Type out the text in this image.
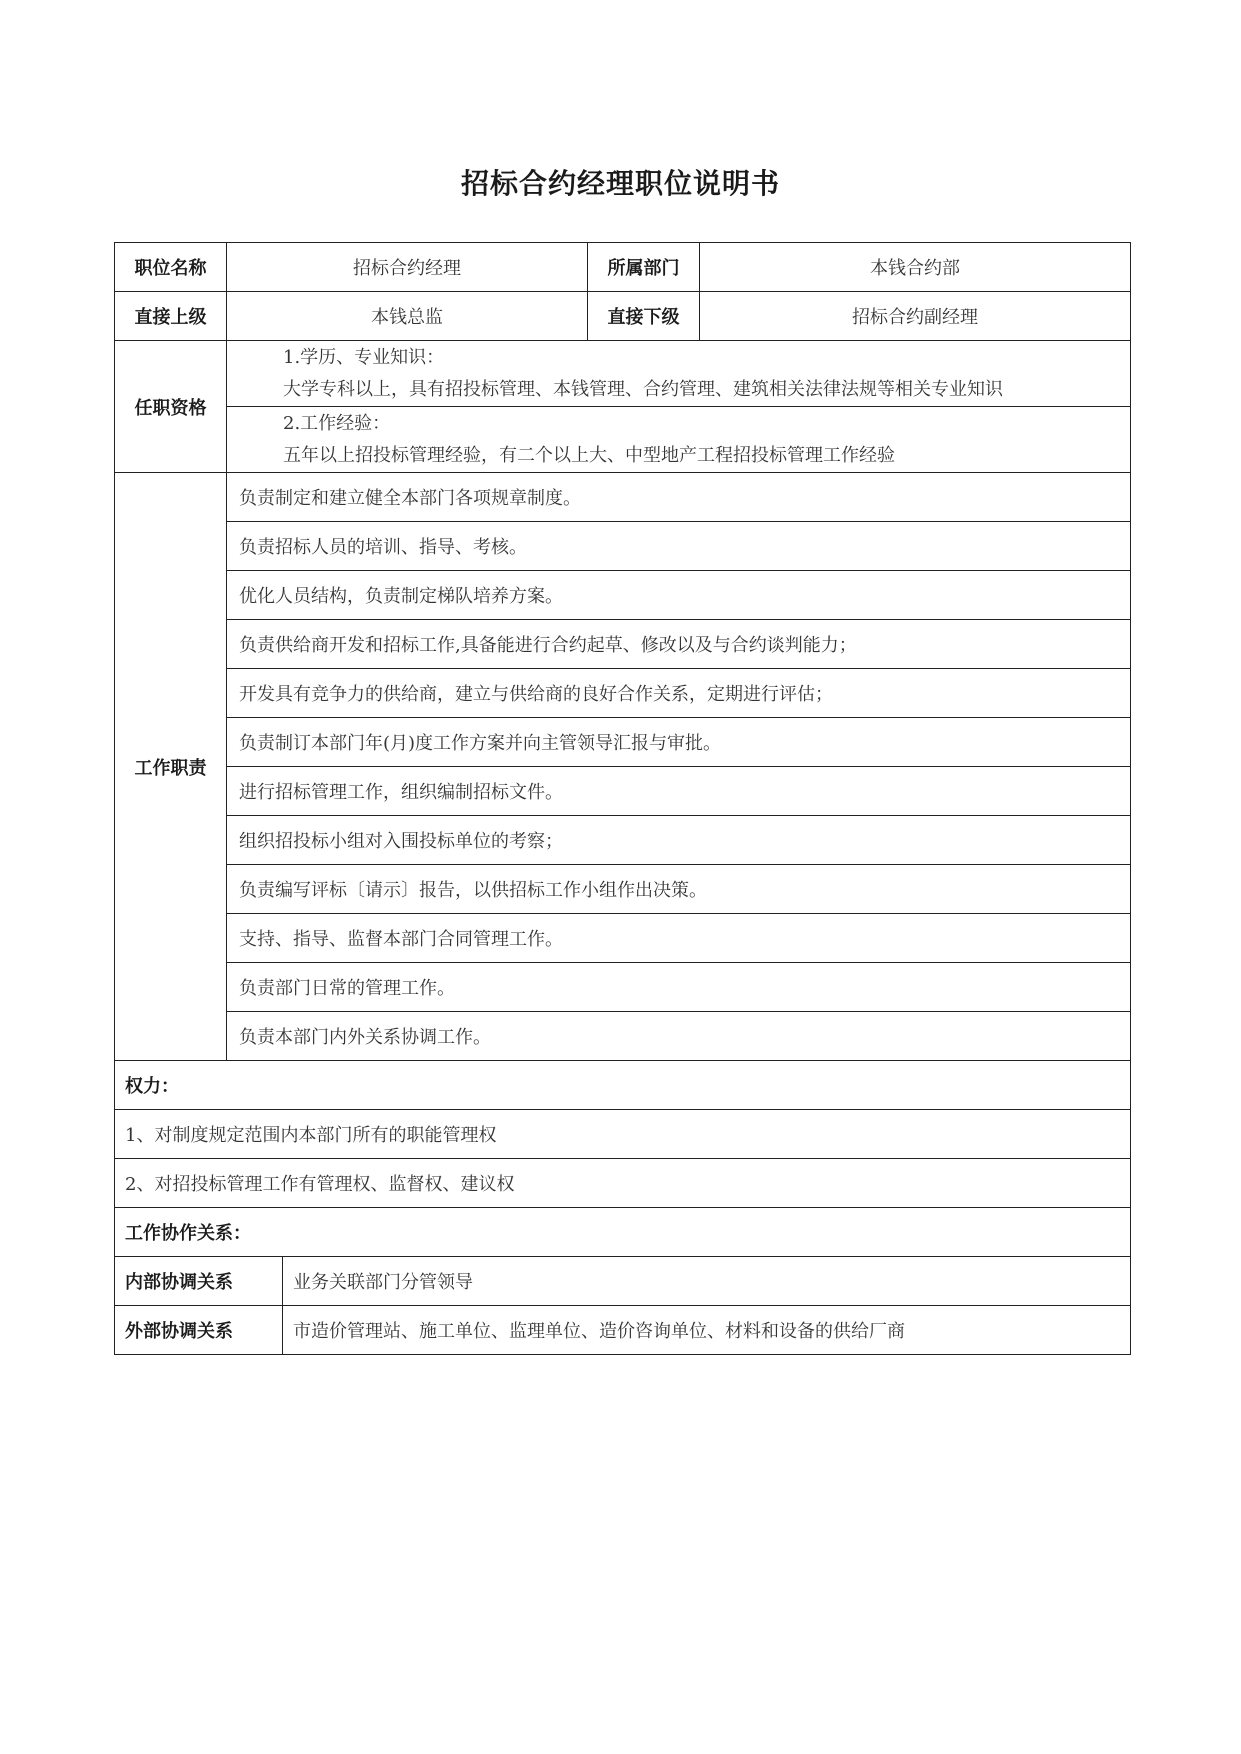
招标合约经理职位说明书
职位名称	招标合约经理		所属部门	本钱合约部
直接上级	本钱总监		直接下级	招标合约副经理
任职资格	1.学历、专业知识：
大学专科以上，具有招投标管理、本钱管理、合约管理、建筑相关法律法规等相关专业知识			

	2.工作经验：
五年以上招投标管理经验，有二个以上大、中型地产工程招投标管理工作经验			

工作职责	负责制定和建立健全本部门各项规章制度。			
	负责招标人员的培训、指导、考核。			
	优化人员结构，负责制定梯队培养方案。			
	负责供给商开发和招标工作,具备能进行合约起草、修改以及与合约谈判能力；			
	开发具有竞争力的供给商，建立与供给商的良好合作关系，定期进行评估；			
	负责制订本部门年(月)度工作方案并向主管领导汇报与审批。			
	进行招标管理工作，组织编制招标文件。			
	组织招投标小组对入围投标单位的考察；			
	负责编写评标〔请示〕报告，以供招标工作小组作出决策。			
	支持、指导、监督本部门合同管理工作。			
	负责部门日常的管理工作。			
	负责本部门内外关系协调工作。			
权力：				
1、对制度规定范围内本部门所有的职能管理权				
2、对招投标管理工作有管理权、监督权、建议权				
工作协作关系：				
内部协调关系		业务关联部门分管领导		
外部协调关系		市造价管理站、施工单位、监理单位、造价咨询单位、材料和设备的供给厂商		
